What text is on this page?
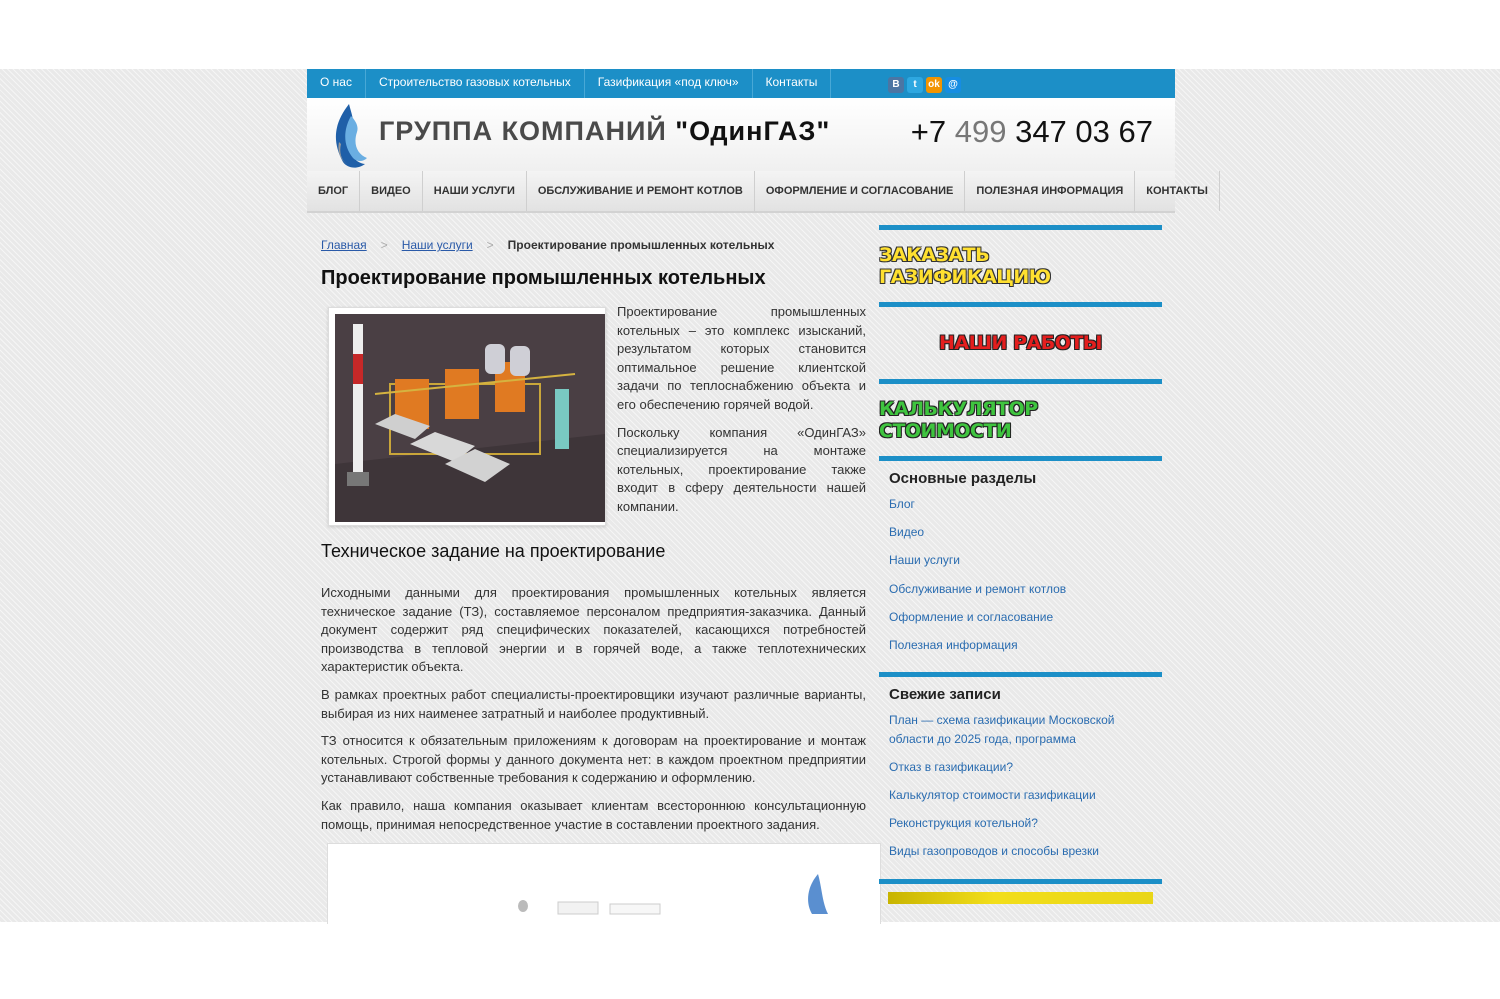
О нас	Строительство газовых котельных	Газификация «под ключ»	Контакты	B	t	ok @
ГРУППА КОМПАНИЙ "ОдинГАЗ"	+7 499 347 03 67
БЛОГ	ВИДЕО	НАШИ УСЛУГИ	ОБСЛУЖИВАНИЕ И РЕМОНТ КОТЛОВ	ОФОРМЛЕНИЕ И СОГЛАСОВАНИЕ	ПОЛЕЗНАЯ ИНФОРМАЦИЯ	КОНТАКТЫ
Главная > Наши услуги > Проектирование промышленных котельных
Проектирование промышленных котельных

Проектирование промышленных котельных – это комплекс изысканий, результатом которых становится оптимальное решение клиентской задачи по теплоснабжению объекта и его обеспечению горячей водой.

Поскольку компания «ОдинГАЗ» специализируется на монтаже котельных, проектирование также входит в сферу деятельности нашей компании.

Техническое задание на проектирование

Исходными данными для проектирования промышленных котельных является техническое задание (ТЗ), составляемое персоналом предприятия-заказчика. Данный документ содержит ряд специфических показателей, касающихся потребностей производства в тепловой энергии и в горячей воде, а также теплотехнических характеристик объекта.

В рамках проектных работ специалисты-проектировщики изучают различные варианты, выбирая из них наименее затратный и наиболее продуктивный.

ТЗ относится к обязательным приложениям к договорам на проектирование и монтаж котельных. Строгой формы у данного документа нет: в каждом проектном предприятии устанавливают собственные требования к содержанию и оформлению.

Как правило, наша компания оказывает клиентам всестороннюю консультационную помощь, принимая непосредственное участие в составлении проектного задания.

ЗАКАЗАТЬ ГАЗИФИКАЦИЮ
НАШИ РАБОТЫ
КАЛЬКУЛЯТОР СТОИМОСТИ
Основные разделы
Блог
Видео
Наши услуги
Обслуживание и ремонт котлов
Оформление и согласование
Полезная информация
Свежие записи
План — схема газификации Московской области до 2025 года, программа
Отказ в газификации?
Калькулятор стоимости газификации
Реконструкция котельной?
Виды газопроводов и способы врезки
